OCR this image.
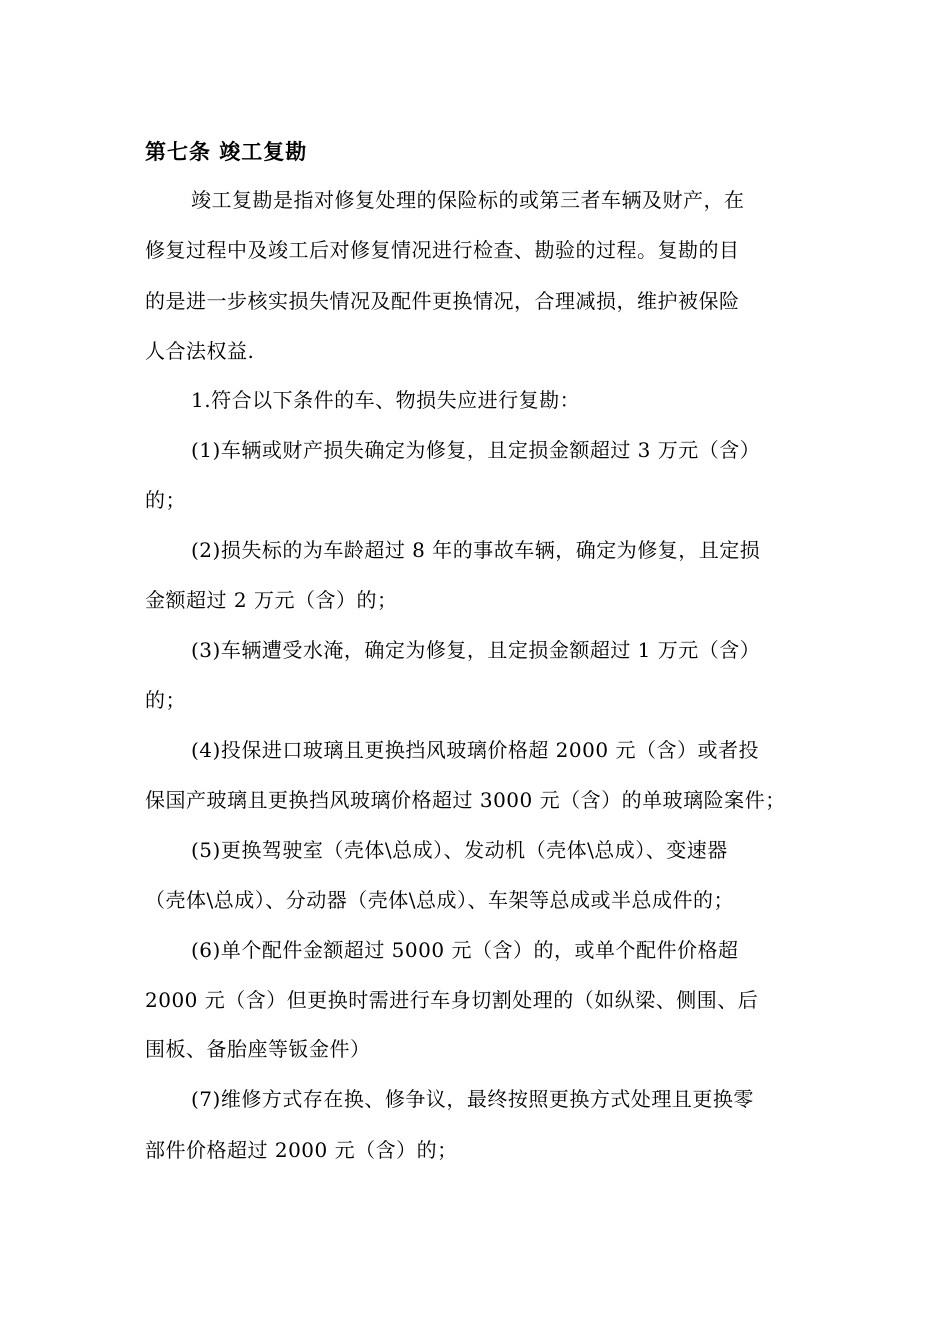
第七条 竣工复勘
竣工复勘是指对修复处理的保险标的或第三者车辆及财产，在
修复过程中及竣工后对修复情况进行检查、勘验的过程。复勘的目
的是进一步核实损失情况及配件更换情况，合理减损，维护被保险
人合法权益.
1.符合以下条件的车、物损失应进行复勘：
(1)车辆或财产损失确定为修复，且定损金额超过 3 万元（含）
的；
(2)损失标的为车龄超过 8 年的事故车辆，确定为修复，且定损
金额超过 2 万元（含）的；
(3)车辆遭受水淹，确定为修复，且定损金额超过 1 万元（含）
的；
(4)投保进口玻璃且更换挡风玻璃价格超 2000 元（含）或者投
保国产玻璃且更换挡风玻璃价格超过 3000 元（含）的单玻璃险案件；
(5)更换驾驶室（壳体\总成）、发动机（壳体\总成）、变速器
（壳体\总成）、分动器（壳体\总成）、车架等总成或半总成件的；
(6)单个配件金额超过 5000 元（含）的，或单个配件价格超
2000 元（含）但更换时需进行车身切割处理的（如纵梁、侧围、后
围板、备胎座等钣金件）
(7)维修方式存在换、修争议，最终按照更换方式处理且更换零
部件价格超过 2000 元（含）的；
